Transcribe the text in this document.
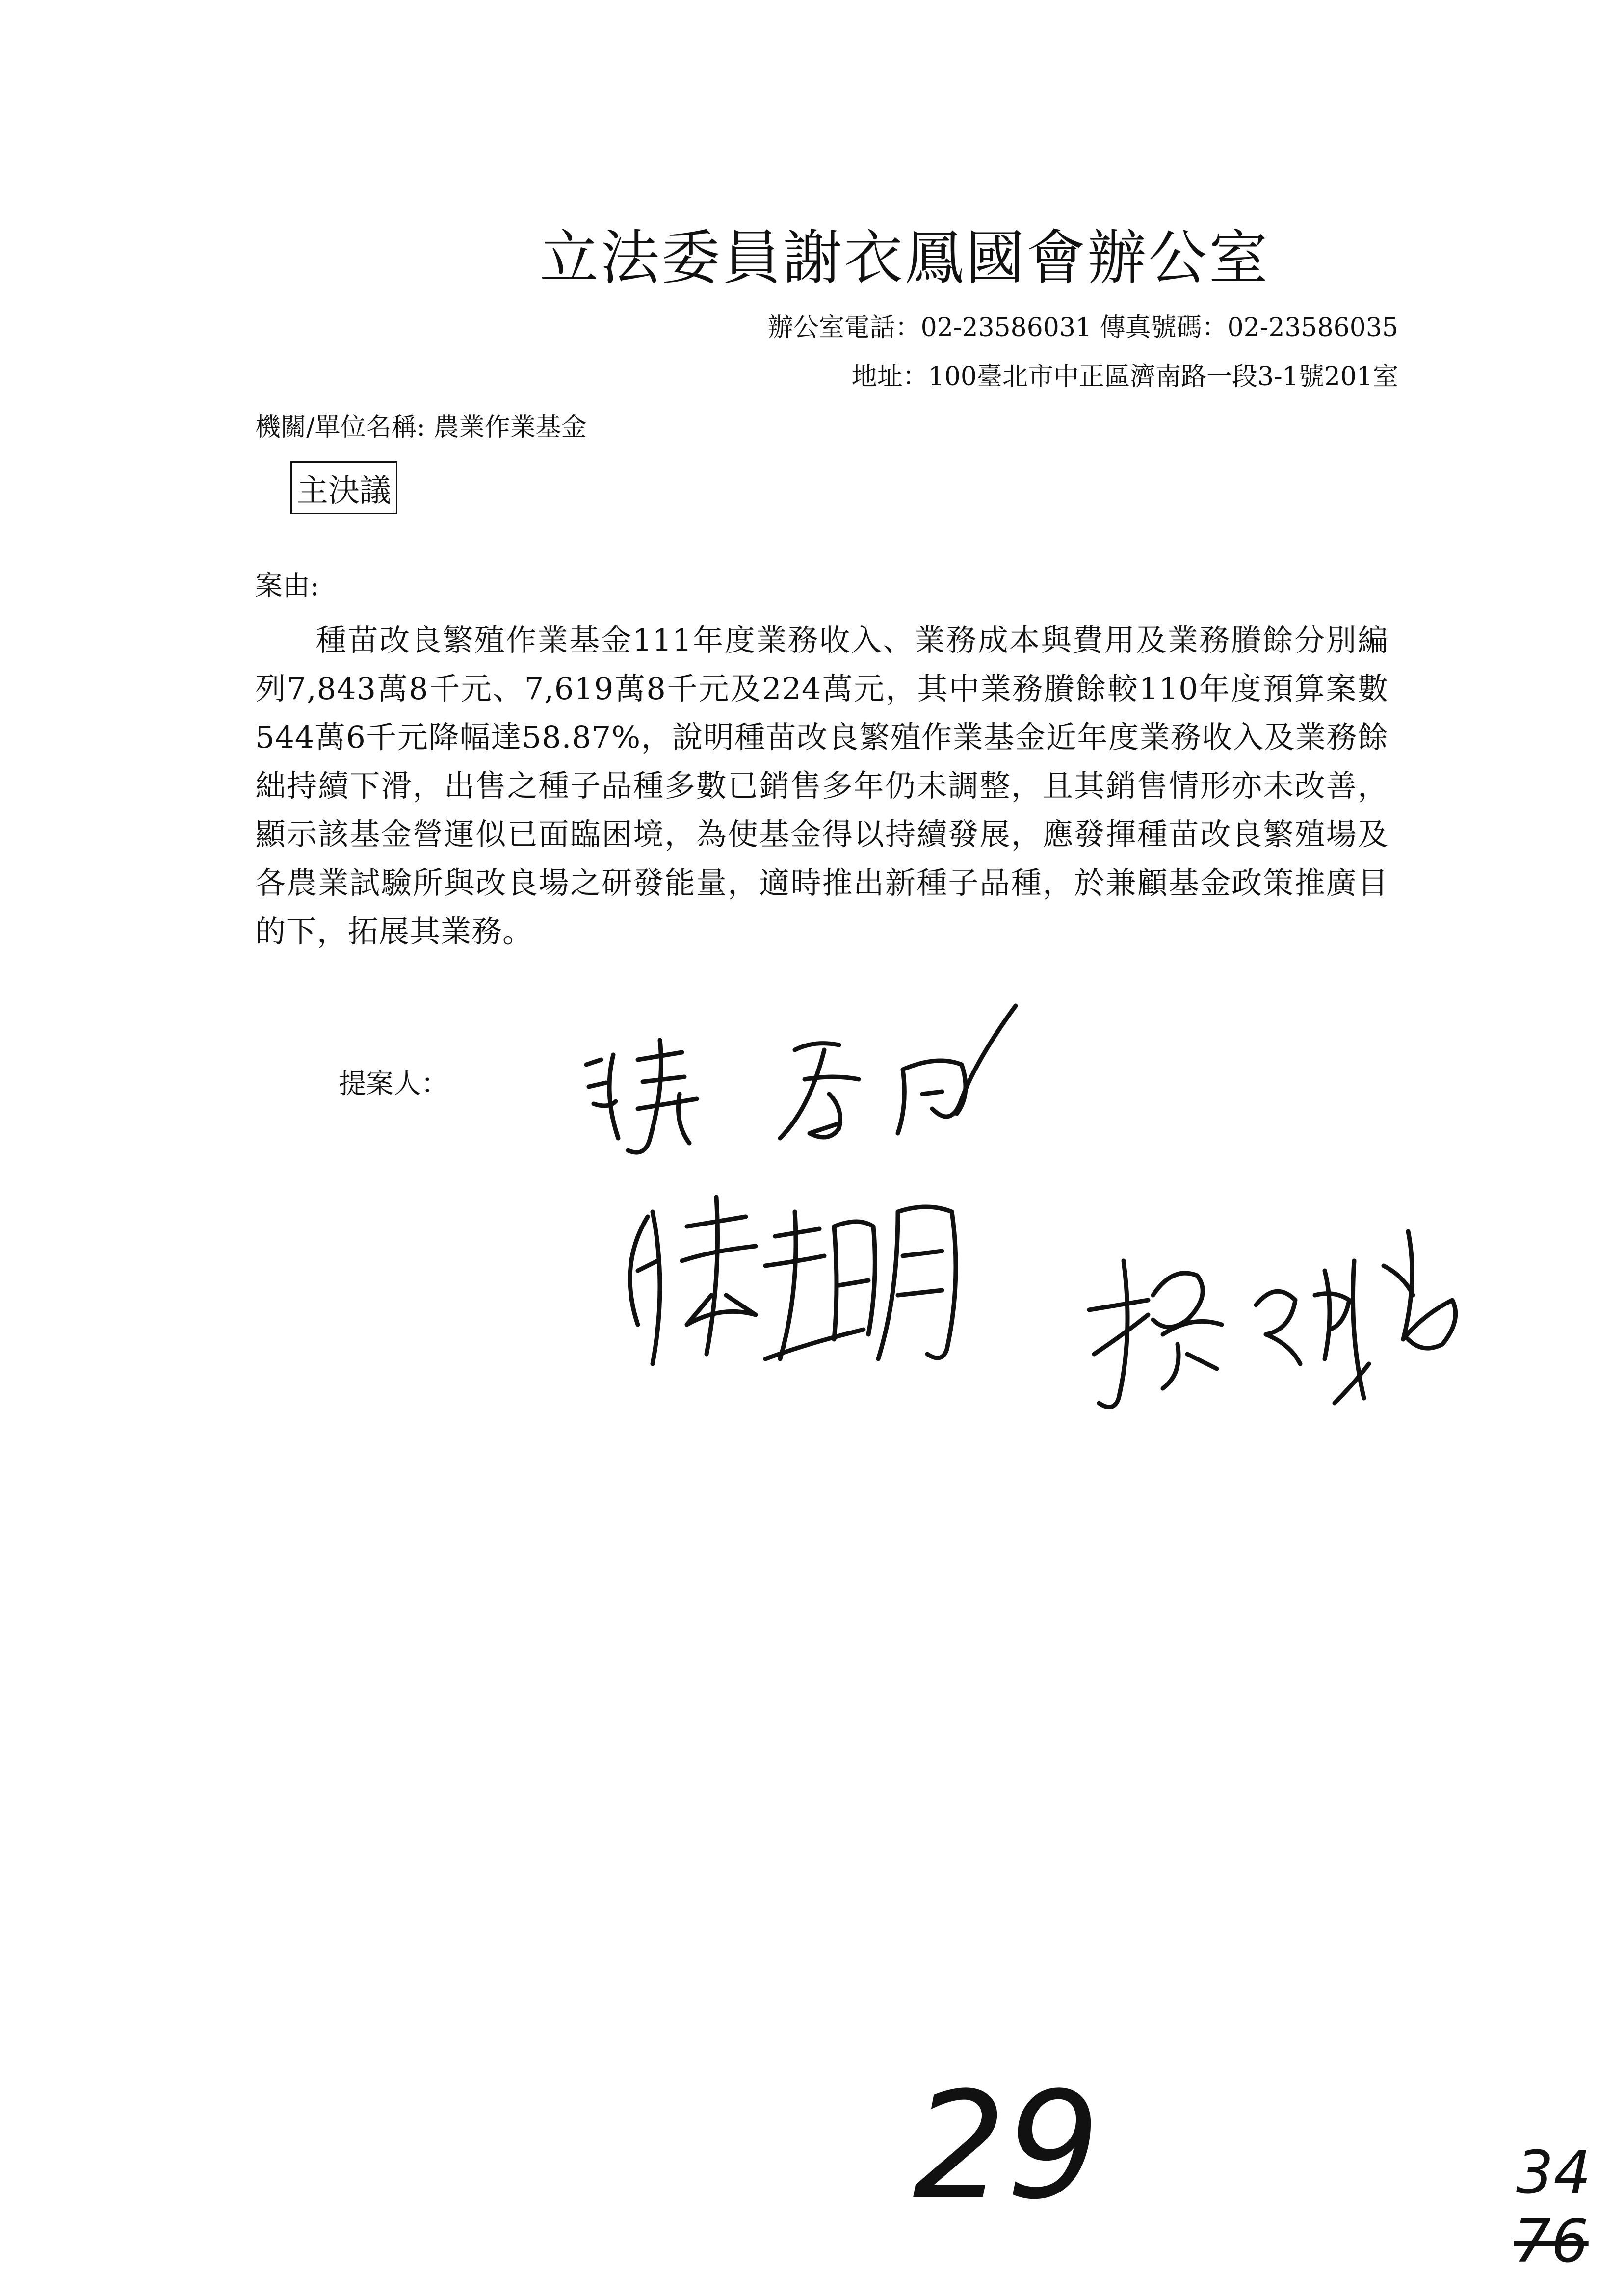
立法委員謝衣鳳國會辦公室
辦公室電話：02-23586031 傳真號碼：02-23586035
地址：100臺北市中正區濟南路一段3-1號201室
機關/單位名稱: 農業作業基金
主決議
案由:
種苗改良繁殖作業基金111年度業務收入、業務成本與費用及業務賸餘分別編列7,843萬8千元、7,619萬8千元及224萬元，其中業務賸餘較110年度預算案數544萬6千元降幅達58.87%，說明種苗改良繁殖作業基金近年度業務收入及業務餘絀持續下滑，出售之種子品種多數已銷售多年仍未調整，且其銷售情形亦未改善，顯示該基金營運似已面臨困境，為使基金得以持續發展，應發揮種苗改良繁殖場及各農業試驗所與改良場之研發能量，適時推出新種子品種，於兼顧基金政策推廣目的下，拓展其業務。
提案人：
29	34
76
